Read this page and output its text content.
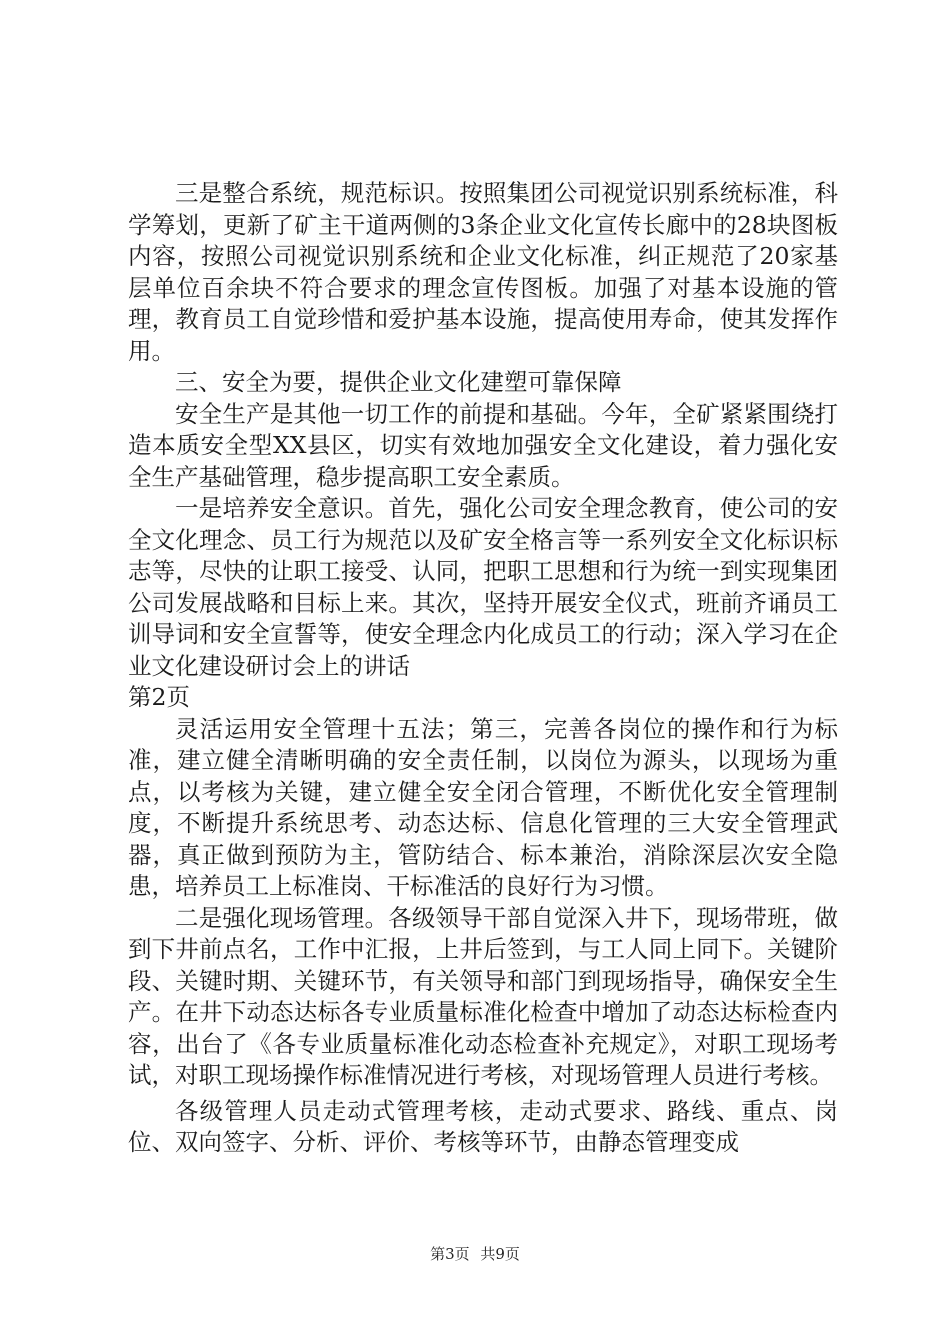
三是整合系统，规范标识。按照集团公司视觉识别系统标准，科学筹划，更新了矿主干道两侧的3条企业文化宣传长廊中的28块图板内容，按照公司视觉识别系统和企业文化标准，纠正规范了20家基层单位百余块不符合要求的理念宣传图板。加强了对基本设施的管理，教育员工自觉珍惜和爱护基本设施，提高使用寿命，使其发挥作用。

三、安全为要，提供企业文化建塑可靠保障

安全生产是其他一切工作的前提和基础。今年，全矿紧紧围绕打造本质安全型XX县区，切实有效地加强安全文化建设，着力强化安全生产基础管理，稳步提高职工安全素质。

一是培养安全意识。首先，强化公司安全理念教育，使公司的安全文化理念、员工行为规范以及矿安全格言等一系列安全文化标识标志等，尽快的让职工接受、认同，把职工思想和行为统一到实现集团公司发展战略和目标上来。其次，坚持开展安全仪式，班前齐诵员工训导词和安全宣誓等，使安全理念内化成员工的行动；深入学习在企业文化建设研讨会上的讲话

第2页

灵活运用安全管理十五法；第三，完善各岗位的操作和行为标准，建立健全清晰明确的安全责任制，以岗位为源头，以现场为重点，以考核为关键，建立健全安全闭合管理，不断优化安全管理制度，不断提升系统思考、动态达标、信息化管理的三大安全管理武器，真正做到预防为主，管防结合、标本兼治，消除深层次安全隐患，培养员工上标准岗、干标准活的良好行为习惯。

二是强化现场管理。各级领导干部自觉深入井下，现场带班，做到下井前点名，工作中汇报，上井后签到，与工人同上同下。关键阶段、关键时期、关键环节，有关领导和部门到现场指导，确保安全生产。在井下动态达标各专业质量标准化检查中增加了动态达标检查内容，出台了《各专业质量标准化动态检查补充规定》，对职工现场考试，对职工现场操作标准情况进行考核，对现场管理人员进行考核。

各级管理人员走动式管理考核，走动式要求、路线、重点、岗位、双向签字、分析、评价、考核等环节，由静态管理变成

第3页 共9页
